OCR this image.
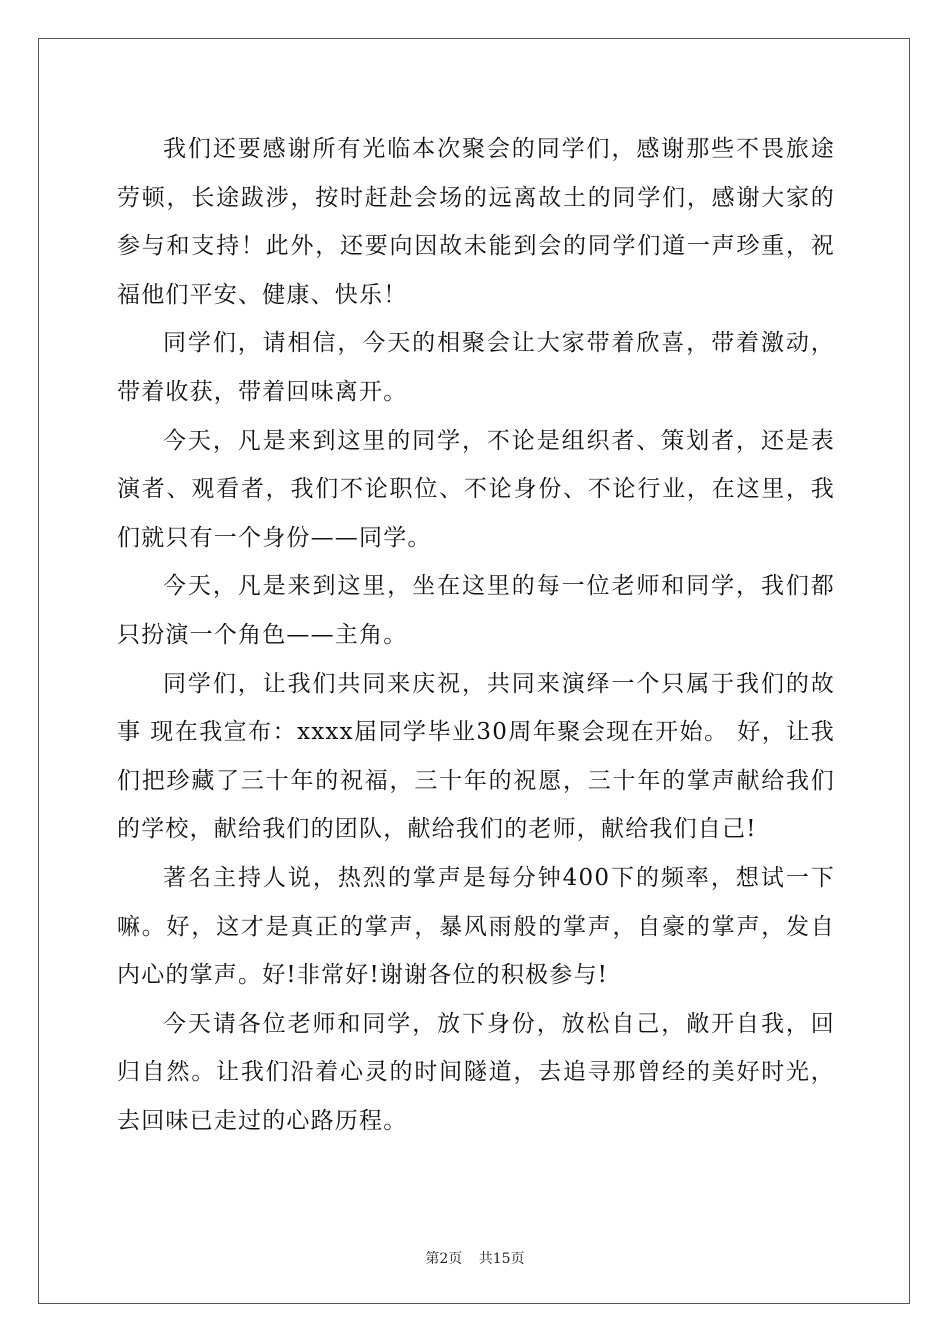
我们还要感谢所有光临本次聚会的同学们，感谢那些不畏旅途劳顿，长途跋涉，按时赶赴会场的远离故土的同学们，感谢大家的参与和支持！此外，还要向因故未能到会的同学们道一声珍重，祝福他们平安、健康、快乐！

同学们，请相信，今天的相聚会让大家带着欣喜，带着激动，带着收获，带着回味离开。

今天，凡是来到这里的同学，不论是组织者、策划者，还是表演者、观看者，我们不论职位、不论身份、不论行业，在这里，我们就只有一个身份——同学。

今天，凡是来到这里，坐在这里的每一位老师和同学，我们都只扮演一个角色——主角。

同学们，让我们共同来庆祝，共同来演绎一个只属于我们的故事 现在我宣布：xxxx届同学毕业30周年聚会现在开始。 好，让我们把珍藏了三十年的祝福，三十年的祝愿，三十年的掌声献给我们的学校，献给我们的团队，献给我们的老师，献给我们自己!

著名主持人说，热烈的掌声是每分钟400下的频率，想试一下嘛。好，这才是真正的掌声，暴风雨般的掌声，自豪的掌声，发自内心的掌声。好!非常好!谢谢各位的积极参与!

今天请各位老师和同学，放下身份，放松自己，敞开自我，回归自然。让我们沿着心灵的时间隧道，去追寻那曾经的美好时光，去回味已走过的心路历程。

第2页 共15页
